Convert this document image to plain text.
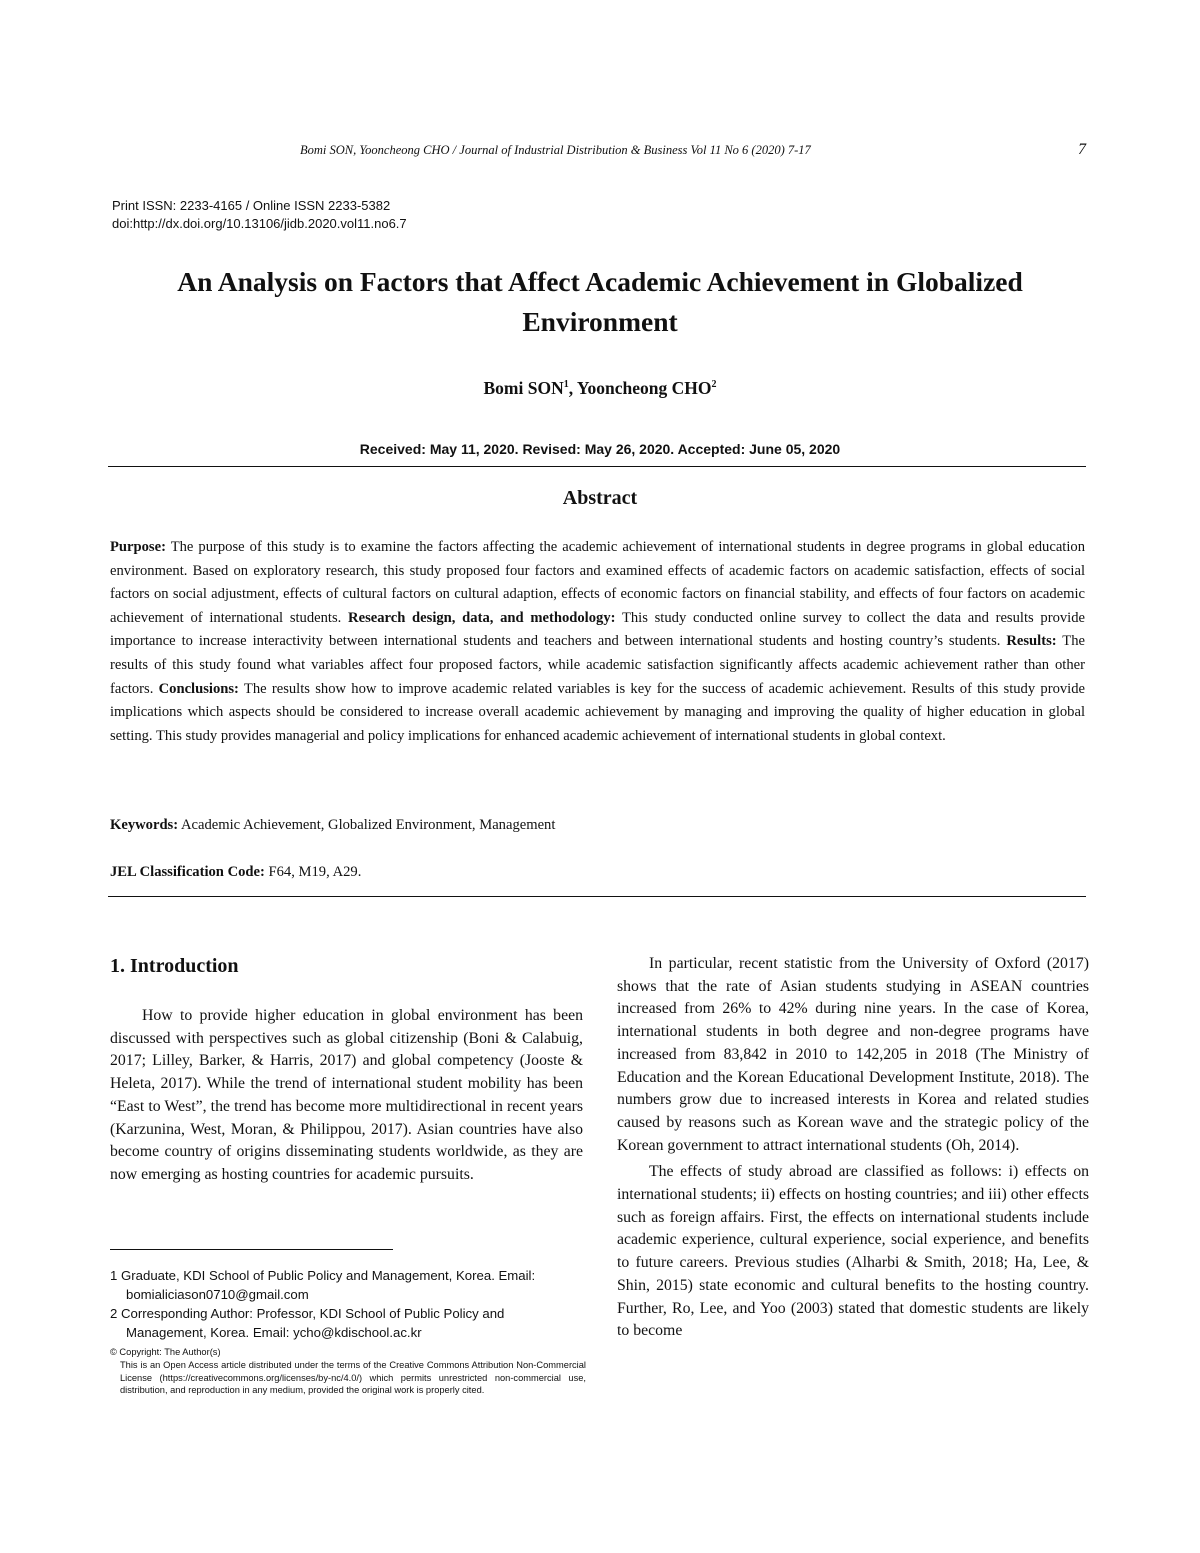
Bomi SON, Yooncheong CHO / Journal of Industrial Distribution & Business Vol 11 No 6 (2020) 7-17	7
Print ISSN: 2233-4165 / Online ISSN 2233-5382
doi:http://dx.doi.org/10.13106/jidb.2020.vol11.no6.7
An Analysis on Factors that Affect Academic Achievement in Globalized
Environment
Bomi SON$^1$, Yooncheong CHO$^2$
Received: May 11, 2020. Revised: May 26, 2020. Accepted: June 05, 2020
Abstract
Purpose: The purpose of this study is to examine the factors affecting the academic achievement of international students in degree programs in global education environment. Based on exploratory research, this study proposed four factors and examined effects of academic factors on academic satisfaction, effects of social factors on social adjustment, effects of cultural factors on cultural adaption, effects of economic factors on financial stability, and effects of four factors on academic achievement of international students. Research design, data, and methodology: This study conducted online survey to collect the data and results provide importance to increase interactivity between international students and teachers and between international students and hosting country’s students. Results: The results of this study found what variables affect four proposed factors, while academic satisfaction significantly affects academic achievement rather than other factors. Conclusions: The results show how to improve academic related variables is key for the success of academic achievement. Results of this study provide implications which aspects should be considered to increase overall academic achievement by managing and improving the quality of higher education in global setting. This study provides managerial and policy implications for enhanced academic achievement of international students in global context.
Keywords: Academic Achievement, Globalized Environment, Management
JEL Classification Code: F64, M19, A29.
1. Introduction

How to provide higher education in global environment has been discussed with perspectives such as global citizenship (Boni & Calabuig, 2017; Lilley, Barker, & Harris, 2017) and global competency (Jooste & Heleta, 2017). While the trend of international student mobility has been “East to West”, the trend has become more multidirectional in recent years (Karzunina, West, Moran, & Philippou, 2017). Asian countries have also become country of origins disseminating students worldwide, as they are now emerging as hosting countries for academic pursuits.

In particular, recent statistic from the University of Oxford (2017) shows that the rate of Asian students studying in ASEAN countries increased from 26% to 42% during nine years. In the case of Korea, international students in both degree and non-degree programs have increased from 83,842 in 2010 to 142,205 in 2018 (The Ministry of Education and the Korean Educational Development Institute, 2018). The numbers grow due to increased interests in Korea and related studies caused by reasons such as Korean wave and the strategic policy of the Korean government to attract international students (Oh, 2014).

The effects of study abroad are classified as follows: i) effects on international students; ii) effects on hosting countries; and iii) other effects such as foreign affairs. First, the effects on international students include academic experience, cultural experience, social experience, and benefits to future careers. Previous studies (Alharbi & Smith, 2018; Ha, Lee, & Shin, 2015) state economic and cultural benefits to the hosting country. Further, Ro, Lee, and Yoo (2003) stated that domestic students are likely to become

1 Graduate, KDI School of Public Policy and Management, Korea. Email: bomialiciason0710@gmail.com
2 Corresponding Author: Professor, KDI School of Public Policy and Management, Korea. Email: ycho@kdischool.ac.kr
© Copyright: The Author(s)
This is an Open Access article distributed under the terms of the Creative Commons Attribution Non-Commercial License (https://creativecommons.org/licenses/by-nc/4.0/) which permits unrestricted non-commercial use, distribution, and reproduction in any medium, provided the original work is properly cited.
